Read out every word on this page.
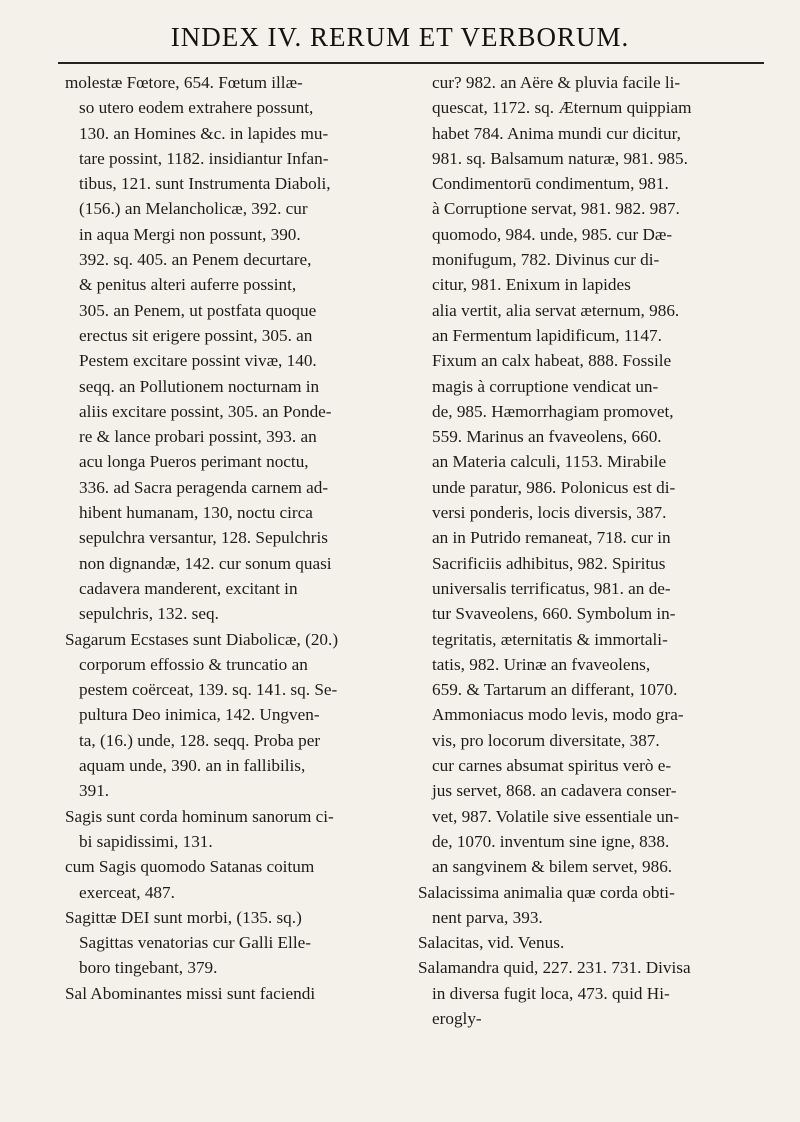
INDEX IV. RERUM ET VERBORUM.
molestæ Fœtore, 654. Fœtum illæ-
so utero eodem extrahere possunt,
130. an Homines &c. in lapides mu-
tare possint, 1182. insidiantur Infan-
tibus, 121. sunt Instrumenta Diaboli,
(156.) an Melancholicæ, 392. cur
in aqua Mergi non possunt, 390.
392. sq. 405. an Penem decurtare,
& penitus alteri auferre possint,
305. an Penem, ut postfata quoque
erectus sit erigere possint, 305. an
Pestem excitare possint vivæ, 140.
seqq. an Pollutionem nocturnam in
aliis excitare possint, 305. an Ponde-
re & lance probari possint, 393. an
acu longa Pueros perimant noctu,
336. ad Sacra peragenda carnem ad-
hibent humanam, 130, noctu circa
sepulchra versantur, 128. Sepulchris
non dignandæ, 142. cur sonum quasi
cadavera manderent, excitant in
sepulchris, 132. seq.
Sagarum Ecstases sunt Diabolicæ, (20.)
corporum effossio & truncatio an
pestem coërceat, 139. sq. 141. sq. Se-
pultura Deo inimica, 142. Ungven-
ta, (16.) unde, 128. seqq. Proba per
aquam unde, 390. an in fallibilis,
391.
Sagis sunt corda hominum sanorum ci-
bi sapidissimi, 131.
cum Sagis quomodo Satanas coitum
exerceat, 487.
Sagittæ DEI sunt morbi, (135. sq.)
Sagittas venatorias cur Galli Elle-
boro tingebant, 379.
Sal Abominantes missi sunt faciendi
cur? 982. an Aëre & pluvia facile li-
quescat, 1172. sq. Æternum quippiam
habet 784. Anima mundi cur dicitur,
981. sq. Balsamum naturæ, 981. 985.
Condimentorū condimentum, 981.
à Corruptione servat, 981. 982. 987.
quomodo, 984. unde, 985. cur Dæ-
monifugum, 782. Divinus cur di-
citur, 981. Enixum in lapides
alia vertit, alia servat æternum, 986.
an Fermentum lapidificum, 1147.
Fixum an calx habeat, 888. Fossile
magis à corruptione vendicat un-
de, 985. Hæmorrhagiam promovet,
559. Marinus an fvaveolens, 660.
an Materia calculi, 1153. Mirabile
unde paratur, 986. Polonicus est di-
versi ponderis, locis diversis, 387.
an in Putrido remaneat, 718. cur in
Sacrificiis adhibitus, 982. Spiritus
universalis terrificatus, 981. an de-
tur Svaveolens, 660. Symbolum in-
tegritatis, æternitatis & immortali-
tatis, 982. Urinæ an fvaveolens,
659. & Tartarum an differant, 1070.
Ammoniacus modo levis, modo gra-
vis, pro locorum diversitate, 387.
cur carnes absumat spiritus verò e-
jus servet, 868. an cadavera conser-
vet, 987. Volatile sive essentiale un-
de, 1070. inventum sine igne, 838.
an sangvinem & bilem servet, 986.
Salacissima animalia quæ corda obti-
nent parva, 393.
Salacitas, vid. Venus.
Salamandra quid, 227. 231. 731. Divisa
in diversa fugit loca, 473. quid Hi-
erogly-
